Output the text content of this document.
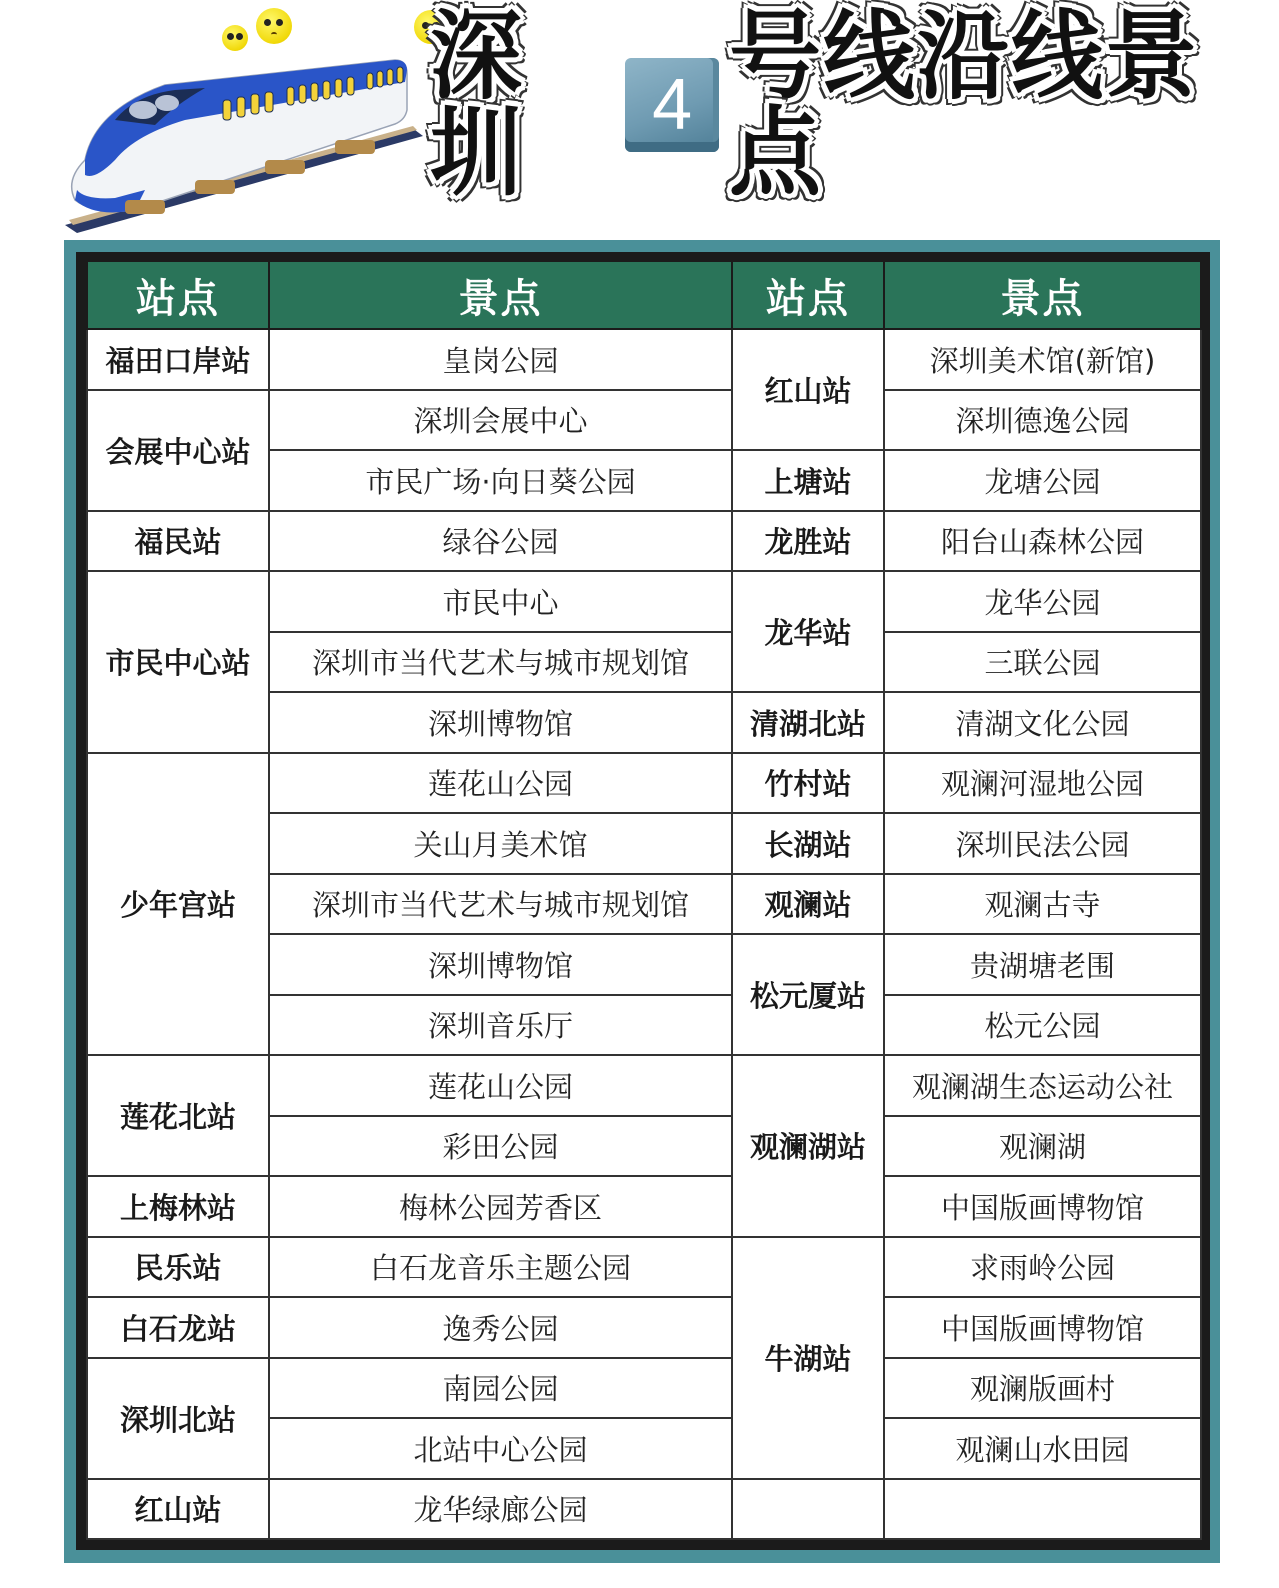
深圳	4 号线沿线景点
站点	景点	站点	景点
福田口岸站	皇岗公园	红山站	深圳美术馆(新馆)
会展中心站	深圳会展中心		深圳德逸公园
	市民广场·向日葵公园	上塘站	龙塘公园
福民站	绿谷公园	龙胜站	阳台山森林公园
市民中心站	市民中心	龙华站	龙华公园
	深圳市当代艺术与城市规划馆		三联公园
	深圳博物馆	清湖北站	清湖文化公园
少年宫站	莲花山公园	竹村站	观澜河湿地公园
	关山月美术馆	长湖站	深圳民法公园
	深圳市当代艺术与城市规划馆	观澜站	观澜古寺
	深圳博物馆	松元厦站	贵湖塘老围
	深圳音乐厅		松元公园
莲花北站	莲花山公园	观澜湖站	观澜湖生态运动公社
	彩田公园		观澜湖
上梅林站	梅林公园芳香区		中国版画博物馆
民乐站	白石龙音乐主题公园	牛湖站	求雨岭公园
白石龙站	逸秀公园		中国版画博物馆
深圳北站	南园公园		观澜版画村
	北站中心公园		观澜山水田园
红山站	龙华绿廊公园		
